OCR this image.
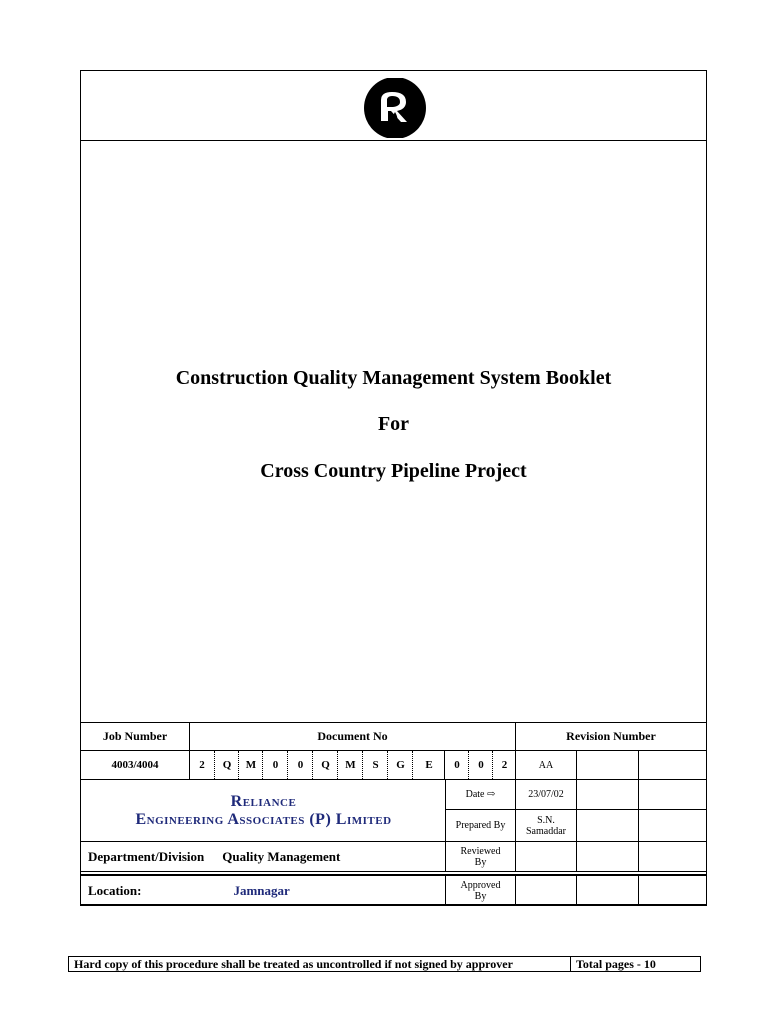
Construction Quality Management System Booklet
For
Cross Country Pipeline Project
Job Number	Document No	Revision Number
4003/4004	2	Q	M	0	0	Q	M	S	G	E	0	0	2	AA
Reliance
Engineering Associates (P) Limited
Date ⇨	23/07/02
Prepared By	S.N. Samaddar
Department/Division Quality Management	Reviewed By
Location:	Jamnagar	Approved By
Hard copy of this procedure shall be treated as uncontrolled if not signed by approver	Total pages - 10
